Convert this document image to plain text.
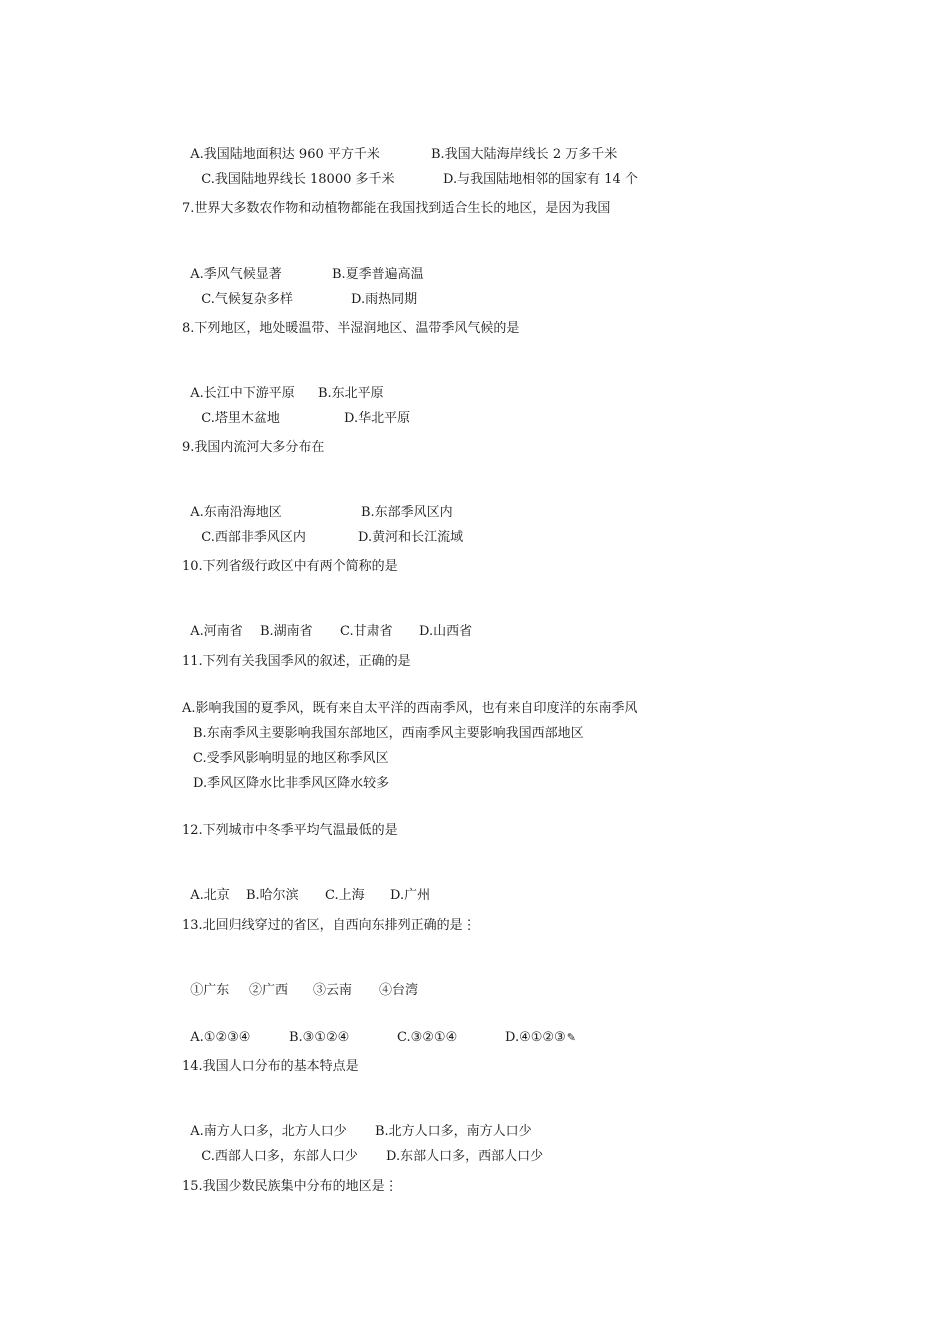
A.我国陆地面积达 960 平方千米	B.我国大陆海岸线长 2 万多千米

C.我国陆地界线长 18000 多千米	D.与我国陆地相邻的国家有 14 个

7.世界大多数农作物和动植物都能在我国找到适合生长的地区，是因为我国

A.季风气候显著	B.夏季普遍高温

C.气候复杂多样	D.雨热同期

8.下列地区，地处暖温带、半湿润地区、温带季风气候的是

A.长江中下游平原 B.东北平原

C.塔里木盆地	D.华北平原

9.我国内流河大多分布在

A.东南沿海地区	B.东部季风区内

C.西部非季风区内	D.黄河和长江流域

10.下列省级行政区中有两个简称的是

A.河南省 B.湖南省 C.甘肃省 D.山西省

11.下列有关我国季风的叙述，正确的是
A.影响我国的夏季风，既有来自太平洋的西南季风，也有来自印度洋的东南季风
B.东南季风主要影响我国东部地区，西南季风主要影响我国西部地区
C.受季风影响明显的地区称季风区
D.季风区降水比非季风区降水较多
12.下列城市中冬季平均气温最低的是

A.北京 B.哈尔滨 C.上海 D.广州

13.北回归线穿过的省区，自西向东排列正确的是⋮

①广东 ②广西 ③云南 ④台湾

A.①②③④	B.③①②④	C.③②①④	D.④①②③✎

14.我国人口分布的基本特点是

A.南方人口多，北方人口少 B.北方人口多，南方人口少

C.西部人口多，东部人口少 D.东部人口多，西部人口少

15.我国少数民族集中分布的地区是⋮
